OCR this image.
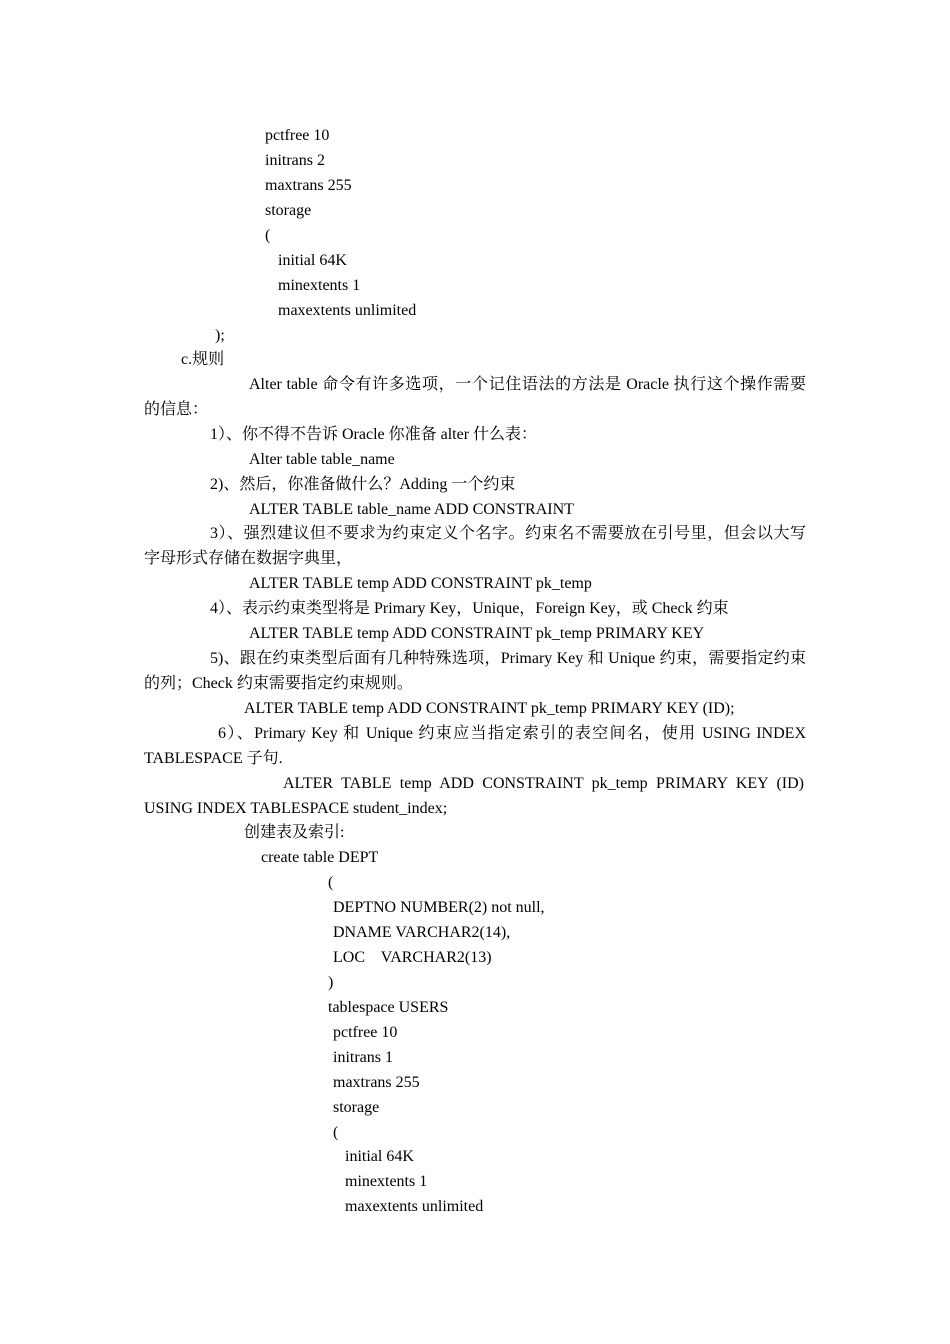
pctfree 10
initrans 2
maxtrans 255
storage
(
initial 64K
minextents 1
maxextents unlimited
);
c.规则
Alter table 命令有许多选项，一个记住语法的方法是 Oracle 执行这个操作需要
的信息：
1）、你不得不告诉 Oracle 你准备 alter 什么表：
Alter table table_name
2)、然后，你准备做什么？Adding 一个约束
ALTER TABLE table_name ADD CONSTRAINT
3）、强烈建议但不要求为约束定义个名字。约束名不需要放在引号里，但会以大写
字母形式存储在数据字典里，
ALTER TABLE temp ADD CONSTRAINT pk_temp
4）、表示约束类型将是 Primary Key，Unique，Foreign Key，或 Check 约束
ALTER TABLE temp ADD CONSTRAINT pk_temp PRIMARY KEY
5)、跟在约束类型后面有几种特殊选项，Primary Key 和 Unique 约束，需要指定约束
的列；Check 约束需要指定约束规则。
ALTER TABLE temp ADD CONSTRAINT pk_temp PRIMARY KEY (ID);
6）、Primary Key 和 Unique 约束应当指定索引的表空间名，使用 USING INDEX
TABLESPACE 子句.
ALTER TABLE temp ADD CONSTRAINT pk_temp PRIMARY KEY (ID)
USING INDEX TABLESPACE student_index;
创建表及索引:
create table DEPT
(
DEPTNO NUMBER(2) not null,
DNAME VARCHAR2(14),
LOC    VARCHAR2(13)
)
tablespace USERS
pctfree 10
initrans 1
maxtrans 255
storage
(
initial 64K
minextents 1
maxextents unlimited
